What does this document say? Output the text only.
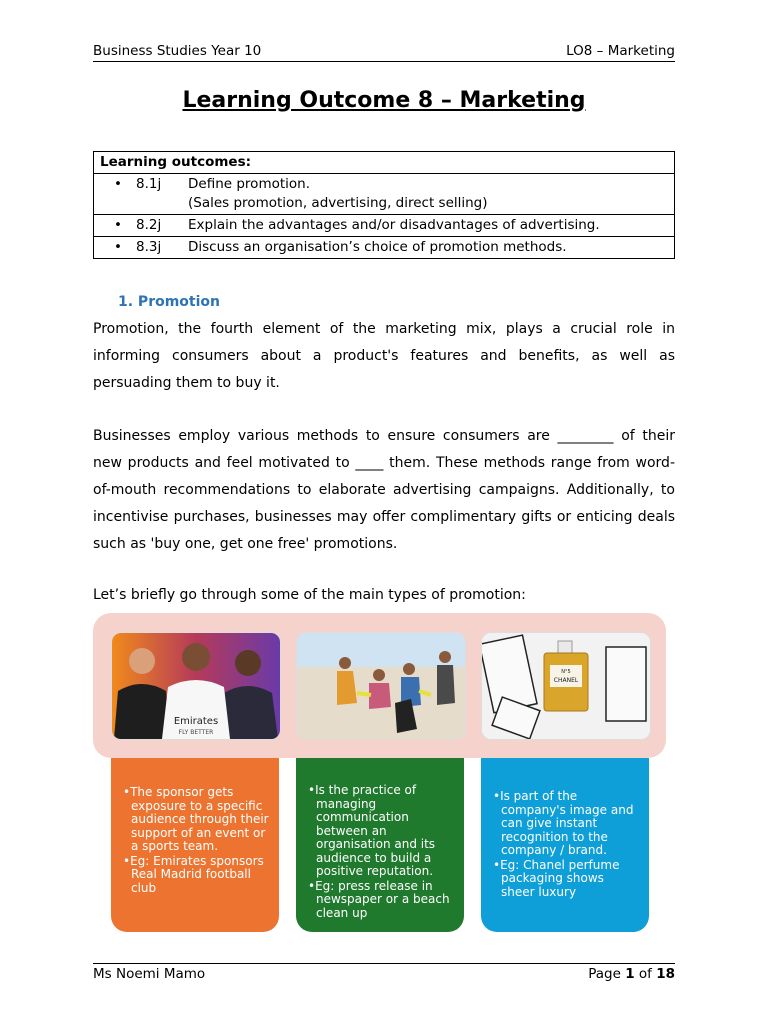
Business Studies Year 10	LO8 – Marketing
Learning Outcome 8 – Marketing
Learning outcomes:

•	8.1j	Define promotion.
(Sales promotion, advertising, direct selling)

•	8.2j	Explain the advantages and/or disadvantages of advertising.

•	8.3j	Discuss an organisation’s choice of promotion methods.
1. Promotion
Promotion, the fourth element of the marketing mix, plays a crucial role in informing consumers about a product's features and benefits, as well as persuading them to buy it.
Businesses employ various methods to ensure consumers are ________ of their new products and feel motivated to ____ them. These methods range from word-of-mouth recommendations to elaborate advertising campaigns. Additionally, to incentivise purchases, businesses may offer complimentary gifts or enticing deals such as 'buy one, get one free' promotions.
Let’s briefly go through some of the main types of promotion:
Emirates
FLY BETTER
N°5
CHANEL

•The sponsor gets exposure to a specific audience through their support of an event or a sports team.

•Eg: Emirates sponsors Real Madrid football club

•Is the practice of managing communication between an organisation and its audience to build a positive reputation.

•Eg: press release in newspaper or a beach clean up

•Is part of the company's image and can give instant recognition to the company / brand.

•Eg: Chanel perfume packaging shows sheer luxury

Ms Noemi Mamo	Page 1 of 18
